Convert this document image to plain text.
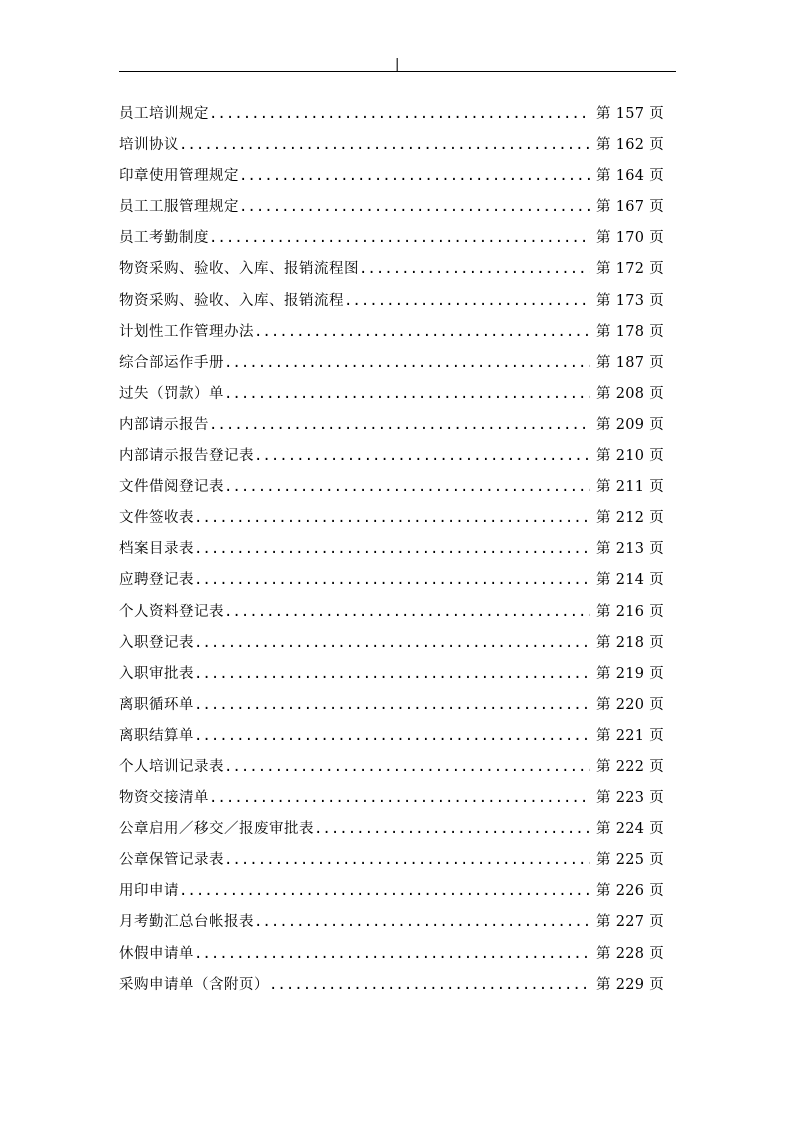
|
员工培训规定 .....	第 157 页
培训协议 .....	第 162 页
印章使用管理规定 .....	第 164 页
员工工服管理规定 .....	第 167 页
员工考勤制度 .....	第 170 页
物资采购、验收、入库、报销流程图 .....	第 172 页
物资采购、验收、入库、报销流程 .....	第 173 页
计划性工作管理办法 .....	第 178 页
综合部运作手册 .....	第 187 页
过失（罚款）单 .....	第 208 页
内部请示报告 .....	第 209 页
内部请示报告登记表 .....	第 210 页
文件借阅登记表 .....	第 211 页
文件签收表 .....	第 212 页
档案目录表 .....	第 213 页
应聘登记表 .....	第 214 页
个人资料登记表 .....	第 216 页
入职登记表 .....	第 218 页
入职审批表 .....	第 219 页
离职循环单 .....	第 220 页
离职结算单 .....	第 221 页
个人培训记录表 .....	第 222 页
物资交接清单 .....	第 223 页
公章启用／移交／报废审批表 .....	第 224 页
公章保管记录表 .....	第 225 页
用印申请 .....	第 226 页
月考勤汇总台帐报表 .....	第 227 页
休假申请单 .....	第 228 页
采购申请单（含附页） .....	第 229 页
